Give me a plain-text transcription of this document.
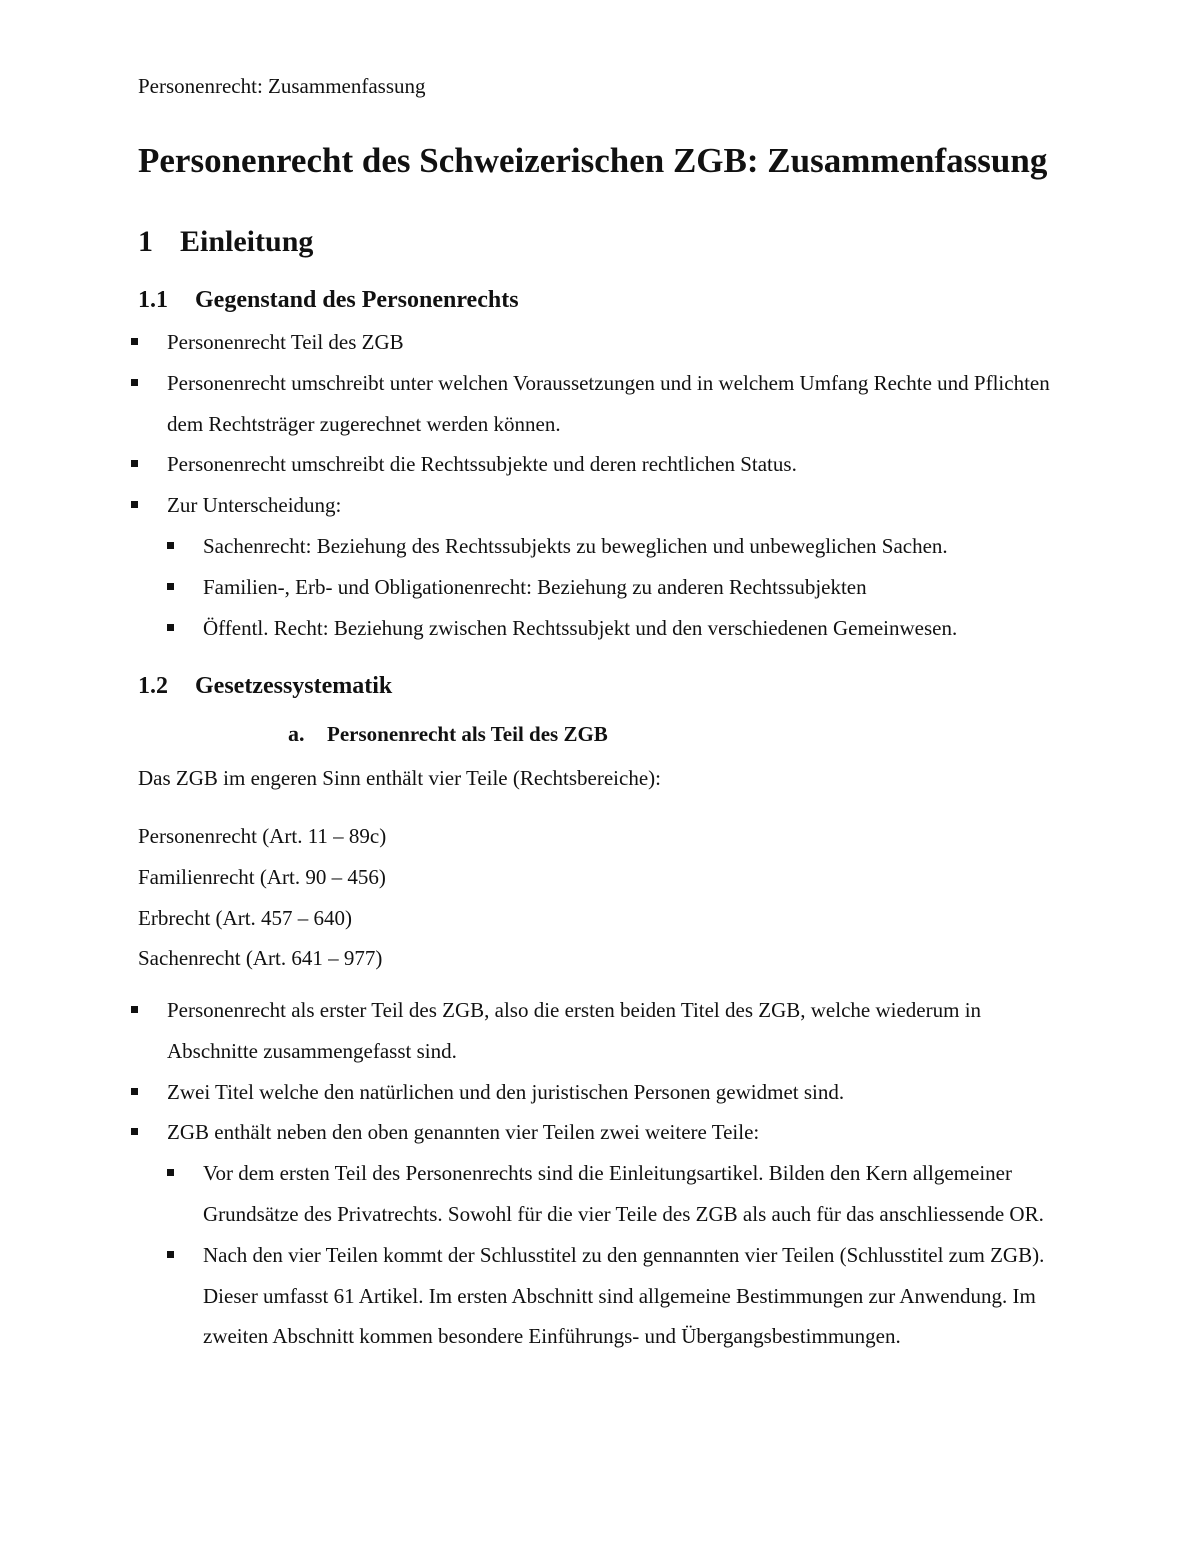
Personenrecht: Zusammenfassung
Personenrecht des Schweizerischen ZGB: Zusammenfassung
1 Einleitung
1.1 Gegenstand des Personenrechts
Personenrecht Teil des ZGB
Personenrecht umschreibt unter welchen Voraussetzungen und in welchem Umfang Rechte und Pflichten dem Rechtsträger zugerechnet werden können.
Personenrecht umschreibt die Rechtssubjekte und deren rechtlichen Status.
Zur Unterscheidung:
Sachenrecht: Beziehung des Rechtssubjekts zu beweglichen und unbeweglichen Sachen.
Familien-, Erb- und Obligationenrecht: Beziehung zu anderen Rechtssubjekten
Öffentl. Recht: Beziehung zwischen Rechtssubjekt und den verschiedenen Gemeinwesen.
1.2 Gesetzessystematik
a. Personenrecht als Teil des ZGB

Das ZGB im engeren Sinn enthält vier Teile (Rechtsbereiche):

Personenrecht (Art. 11 – 89c)
Familienrecht (Art. 90 – 456)
Erbrecht (Art. 457 – 640)
Sachenrecht (Art. 641 – 977)
Personenrecht als erster Teil des ZGB, also die ersten beiden Titel des ZGB, welche wiederum in Abschnitte zusammengefasst sind.
Zwei Titel welche den natürlichen und den juristischen Personen gewidmet sind.
ZGB enthält neben den oben genannten vier Teilen zwei weitere Teile:
Vor dem ersten Teil des Personenrechts sind die Einleitungsartikel. Bilden den Kern allgemeiner Grundsätze des Privatrechts. Sowohl für die vier Teile des ZGB als auch für das anschliessende OR.
Nach den vier Teilen kommt der Schlusstitel zu den gennannten vier Teilen (Schlusstitel zum ZGB). Dieser umfasst 61 Artikel. Im ersten Abschnitt sind allgemeine Bestimmungen zur Anwendung. Im zweiten Abschnitt kommen besondere Einführungs- und Übergangsbestimmungen.
